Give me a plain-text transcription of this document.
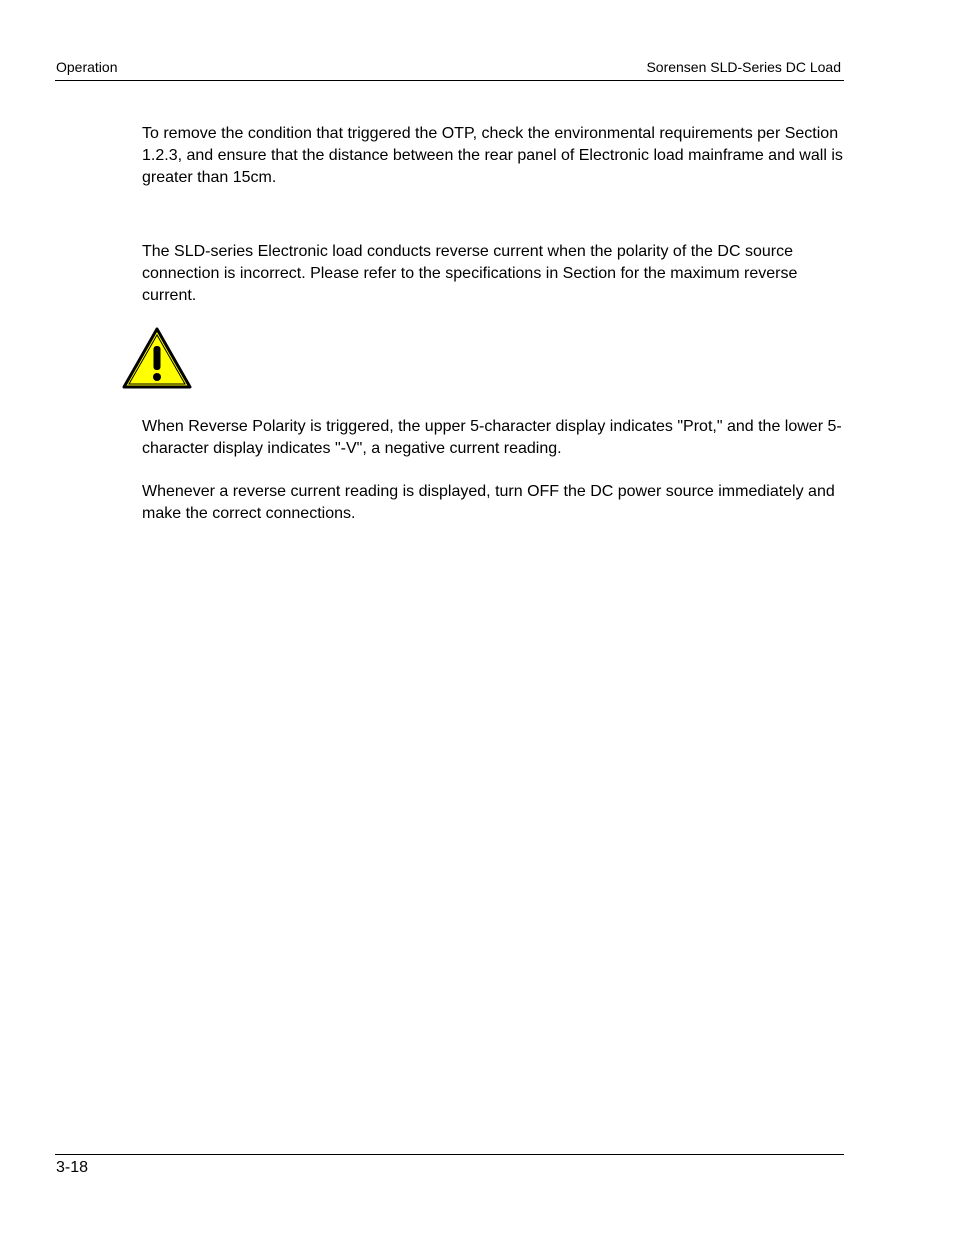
Operation	Sorensen SLD-Series DC Load

To remove the condition that triggered the OTP, check the environmental requirements per Section 1.2.3, and ensure that the distance between the rear panel of Electronic load mainframe and wall is greater than 15cm.

The SLD-series Electronic load conducts reverse current when the polarity of the DC source connection is incorrect. Please refer to the specifications in Section for the maximum reverse current.

When Reverse Polarity is triggered, the upper 5-character display indicates "Prot," and the lower 5-character display indicates "-V", a negative current reading.

Whenever a reverse current reading is displayed, turn OFF the DC power source immediately and make the correct connections.

3-18
